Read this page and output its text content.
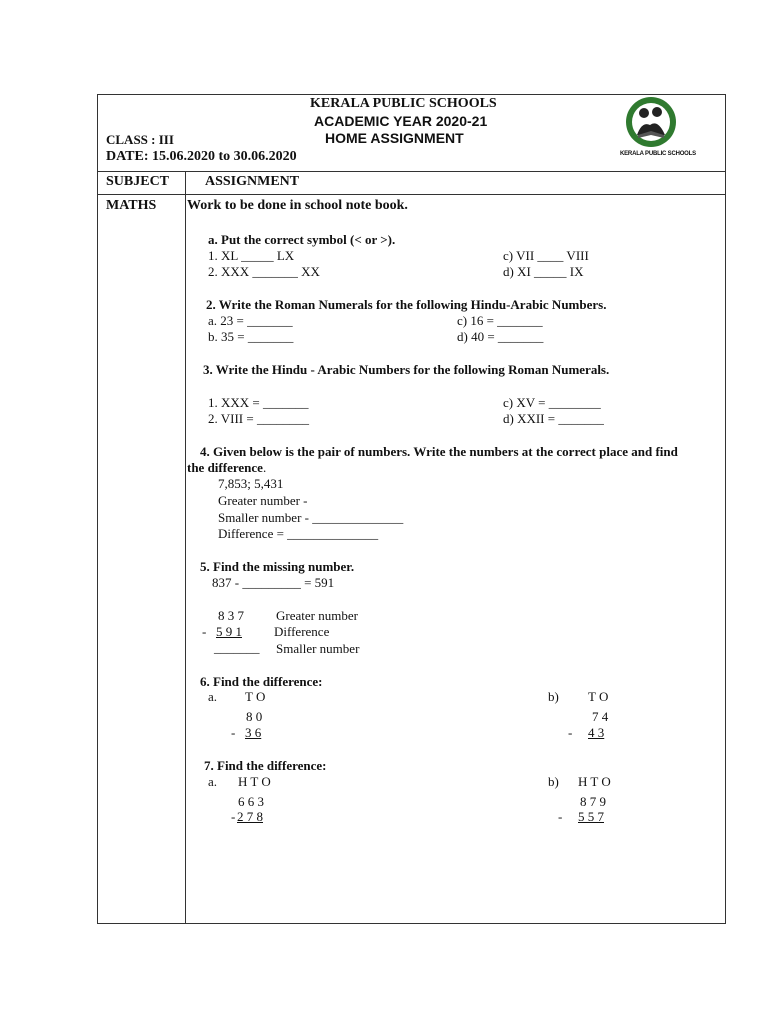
KERALA PUBLIC SCHOOLS
ACADEMIC YEAR 2020-21
HOME ASSIGNMENT
CLASS : III
DATE: 15.06.2020 to 30.06.2020	KERALA PUBLIC SCHOOLS
SUBJECT	ASSIGNMENT
MATHS Work to be done in school note book.
a. Put the correct symbol (< or >).
1. XL _____ LX
2. XXX _______ XX
c) VII ____ VIII
d) XI _____ IX
2. Write the Roman Numerals for the following Hindu-Arabic Numbers.
a. 23 = _______
b. 35 = _______
c) 16 = _______
d) 40 = _______
3. Write the Hindu - Arabic Numbers for the following Roman Numerals.
1. XXX = _______
2. VIII = ________
c) XV = ________
d) XXII = _______
4. Given below is the pair of numbers. Write the numbers at the correct place and find
the difference.
7,853; 5,431
Greater number -
Smaller number - ______________
Difference = ______________
5. Find the missing number.
837 - _________ = 591
8 3 7 Greater number
- 5 9 1 Difference
_______ Smaller number
6. Find the difference:
a. T O
8 0
- 3 6
b) T O
7 4
- 4 3
7. Find the difference:
a. H T O
6 6 3
- 2 7 8
b) H T O
8 7 9
- 5 5 7
